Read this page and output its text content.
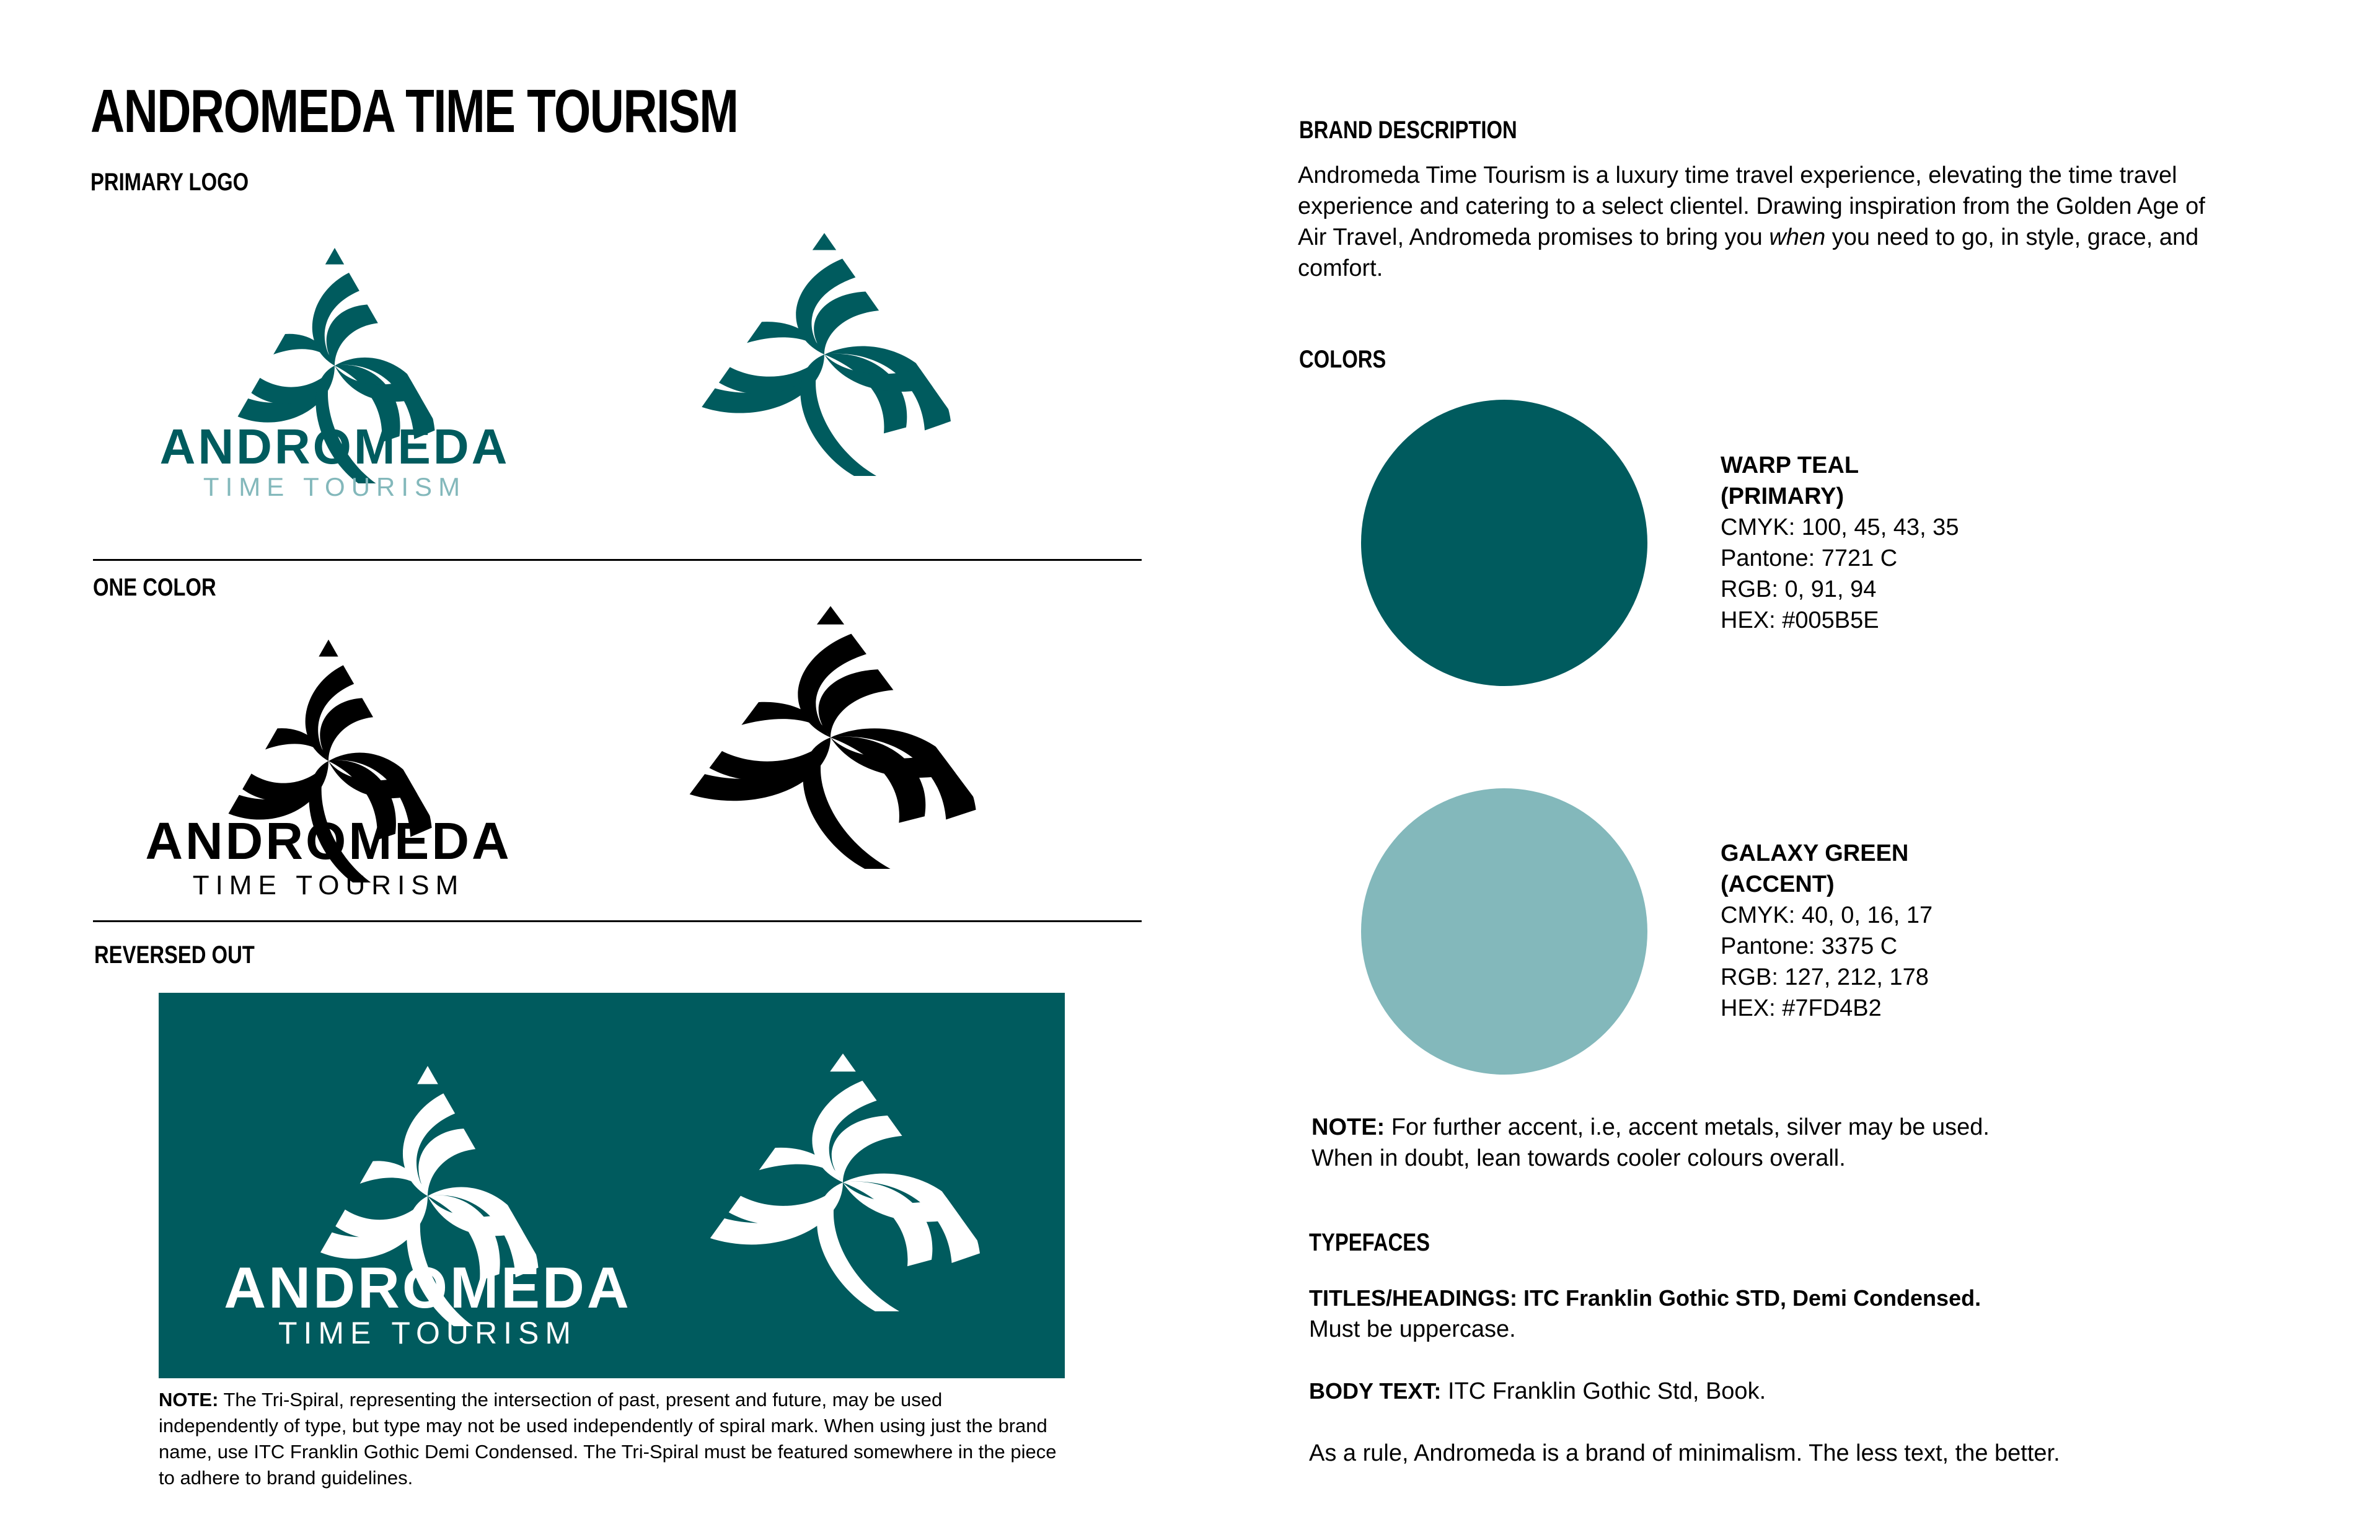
ANDROMEDA TIME TOURISM
PRIMARY LOGO
ANDROMEDA
TIME TOURISM
ONE COLOR
ANDROMEDA
TIME TOURISM
REVERSED OUT
ANDROMEDA
TIME TOURISM
NOTE: The Tri-Spiral, representing the intersection of past, present and future, may be used independently of type, but type may not be used independently of spiral mark. When using just the brand name, use ITC Franklin Gothic Demi Condensed. The Tri-Spiral must be featured somewhere in the piece to adhere to brand guidelines.
BRAND DESCRIPTION
Andromeda Time Tourism is a luxury time travel experience, elevating the time travel experience and catering to a select clientel. Drawing inspiration from the Golden Age of Air Travel, Andromeda promises to bring you when you need to go, in style, grace, and comfort.
COLORS
WARP TEAL
(PRIMARY)
CMYK: 100, 45, 43, 35
Pantone: 7721 C
RGB: 0, 91, 94
HEX: #005B5E
GALAXY GREEN
(ACCENT)
CMYK: 40, 0, 16, 17
Pantone: 3375 C
RGB: 127, 212, 178
HEX: #7FD4B2
NOTE: For further accent, i.e, accent metals, silver may be used.
When in doubt, lean towards cooler colours overall.
TYPEFACES
TITLES/HEADINGS: ITC Franklin Gothic STD, Demi Condensed.
Must be uppercase.
BODY TEXT: ITC Franklin Gothic Std, Book.
As a rule, Andromeda is a brand of minimalism. The less text, the better.
